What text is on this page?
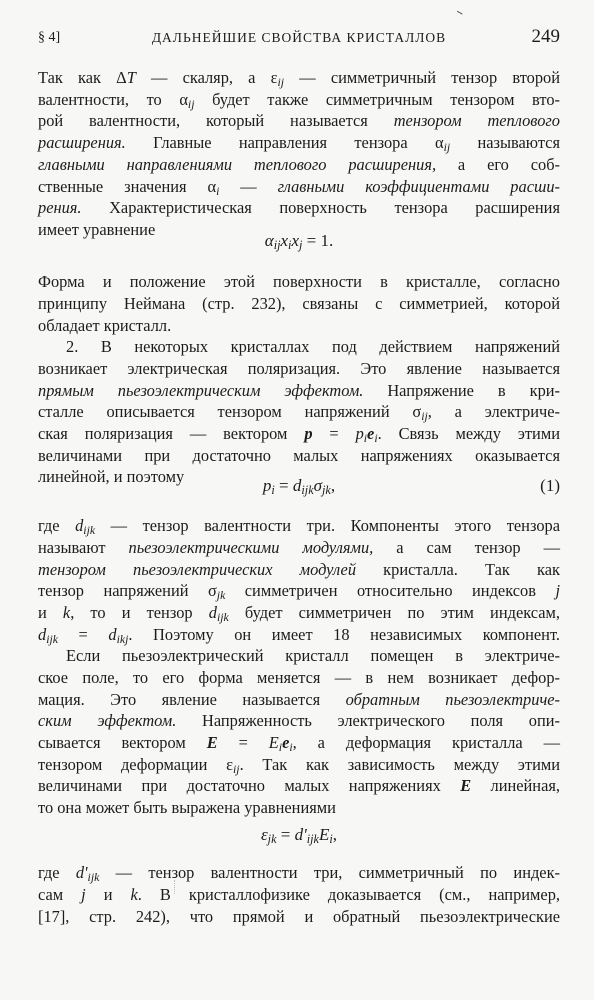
§ 4]	ДАЛЬНЕЙШИЕ СВОЙСТВА КРИСТАЛЛОВ	249
Так как ΔT — скаляр, а $\varepsilon_{ij}$ — симметричный тензор второй
валентности, то $\alpha_{ij}$ будет также симметричным тензором вто-
рой валентности, который называется тензором теплового
расширения. Главные направления тензора $\alpha_{ij}$ называются
главными направлениями теплового расширения, а его соб-
ственные значения $\alpha_i$ — главными коэффициентами расши-
рения. Характеристическая поверхность тензора расширения
имеет уравнение
$\alpha_{ij}x_ix_j = 1$.
Форма и положение этой поверхности в кристалле, согласно
принципу Неймана (стр. 232), связаны с симметрией, которой
обладает кристалл.
2. В некоторых кристаллах под действием напряжений
возникает электрическая поляризация. Это явление называется
прямым пьезоэлектрическим эффектом. Напряжение в кри-
сталле описывается тензором напряжений $\sigma_{ij}$, а электриче-
ская поляризация — вектором $p = p_ie_i$. Связь между этими
величинами при достаточно малых напряжениях оказывается
линейной, и поэтому	$p_i = d_{ijk}\sigma_{jk}$,	(1)
где $d_{ijk}$ — тензор валентности три. Компоненты этого тензора
называют пьезоэлектрическими модулями, а сам тензор —
тензором пьезоэлектрических модулей кристалла. Так как
тензор напряжений $\sigma_{jk}$ симметричен относительно индексов j
и k, то и тензор $d_{ijk}$ будет симметричен по этим индексам,
$d_{ijk} = d_{ikj}$. Поэтому он имеет 18 независимых компонент.
Если пьезоэлектрический кристалл помещен в электриче-
ское поле, то его форма меняется — в нем возникает дефор-
мация. Это явление называется обратным пьезоэлектриче-
ским эффектом. Напряженность электрического поля опи-
сывается вектором $E = E_ie_i$, а деформация кристалла —
тензором деформации $\varepsilon_{ij}$. Так как зависимость между этими
величинами при достаточно малых напряжениях E линейная,
то она может быть выражена уравнениями
$\varepsilon_{jk} = d'_{ijk}E_i$,
где $d'_{ijk}$ — тензор валентности три, симметричный по индек-
сам j и k. В кристаллофизике доказывается (см., например,
[17], стр. 242), что прямой и обратный пьезоэлектрические
